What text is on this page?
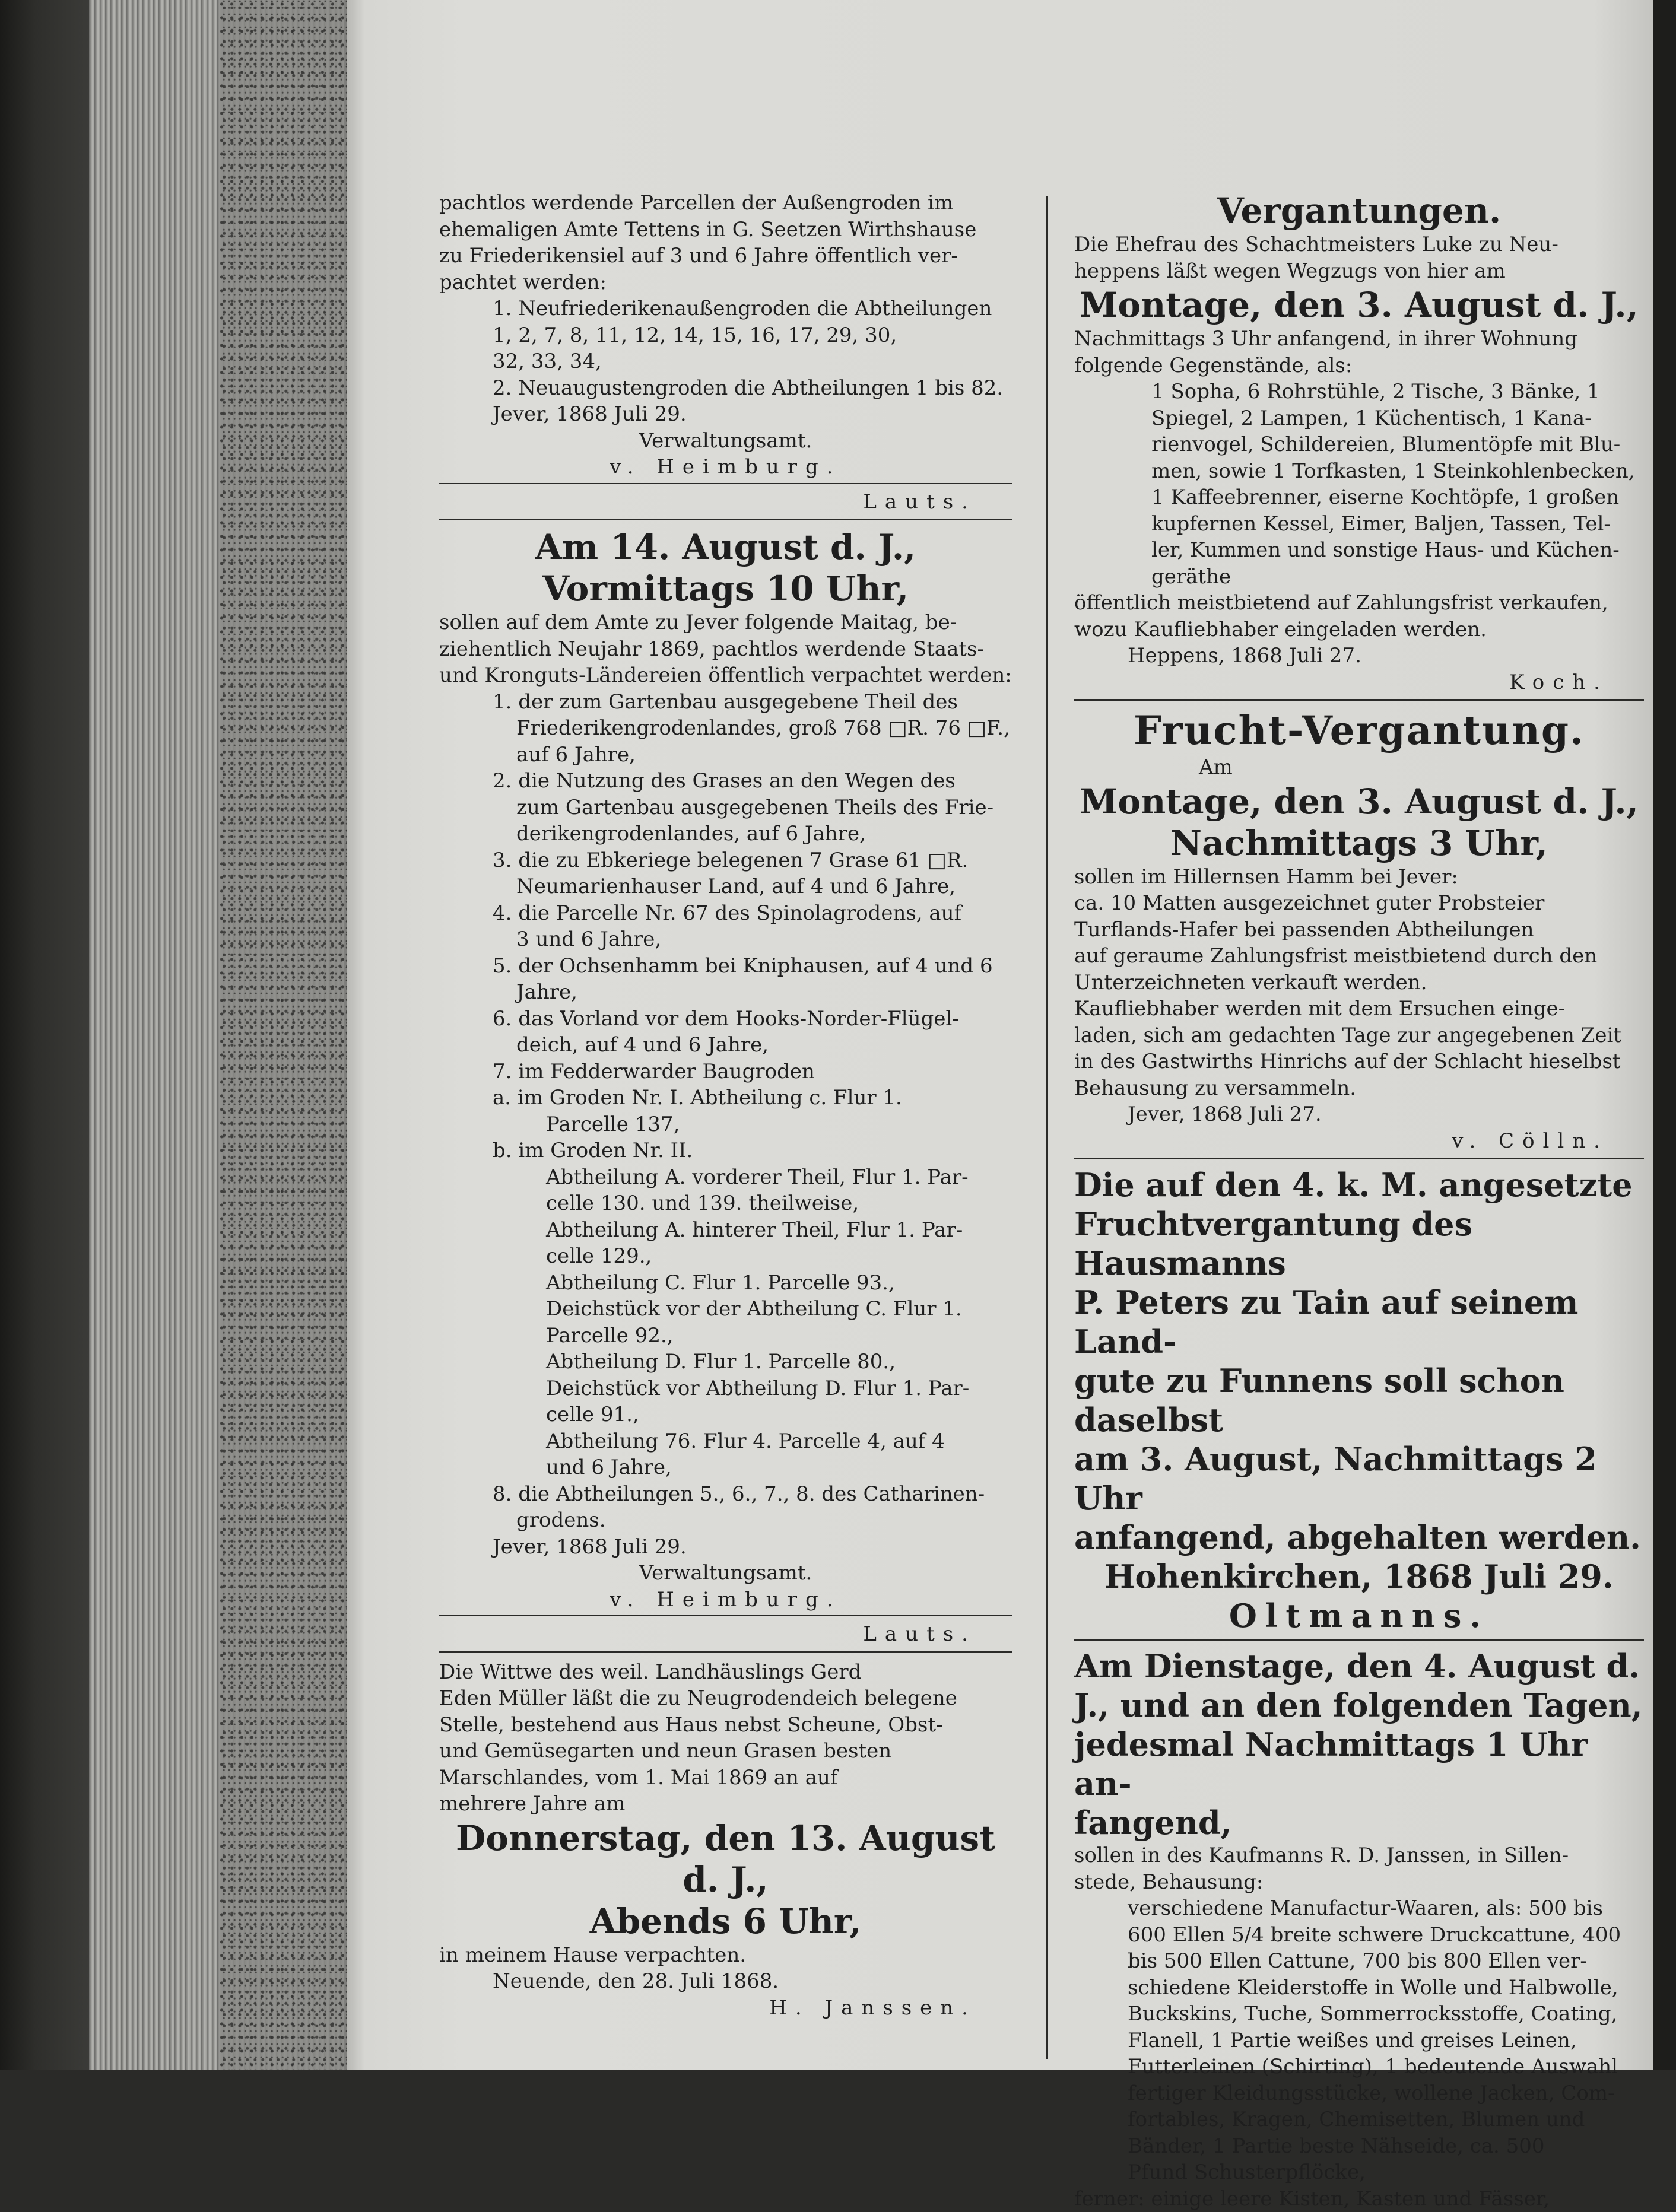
pachtlos werdende Parcellen der Außengroden im
ehemaligen Amte Tettens in G. Seetzen Wirthshause
zu Friederikensiel auf 3 und 6 Jahre öffentlich ver-
pachtet werden:
1. Neufriederikenaußengroden die Abtheilungen
1, 2, 7, 8, 11, 12, 14, 15, 16, 17, 29, 30,
32, 33, 34,
2. Neuaugustengroden die Abtheilungen 1 bis 82.
Jever, 1868 Juli 29.
Verwaltungsamt.
v. Heimburg.
Lauts.
Am 14. August d. J.,
Vormittags 10 Uhr,
sollen auf dem Amte zu Jever folgende Maitag, be-
ziehentlich Neujahr 1869, pachtlos werdende Staats-
und Kronguts-Ländereien öffentlich verpachtet werden:
1. der zum Gartenbau ausgegebene Theil des
Friederikengrodenlandes, groß 768 □R. 76 □F.,
auf 6 Jahre,
2. die Nutzung des Grases an den Wegen des
zum Gartenbau ausgegebenen Theils des Frie-
derikengrodenlandes, auf 6 Jahre,
3. die zu Ebkeriege belegenen 7 Grase 61 □R.
Neumarienhauser Land, auf 4 und 6 Jahre,
4. die Parcelle Nr. 67 des Spinolagrodens, auf
3 und 6 Jahre,
5. der Ochsenhamm bei Kniphausen, auf 4 und 6
Jahre,
6. das Vorland vor dem Hooks-Norder-Flügel-
deich, auf 4 und 6 Jahre,
7. im Fedderwarder Baugroden
a. im Groden Nr. I. Abtheilung c. Flur 1.
Parcelle 137,
b. im Groden Nr. II.
Abtheilung A. vorderer Theil, Flur 1. Par-
celle 130. und 139. theilweise,
Abtheilung A. hinterer Theil, Flur 1. Par-
celle 129.,
Abtheilung C. Flur 1. Parcelle 93.,
Deichstück vor der Abtheilung C. Flur 1.
Parcelle 92.,
Abtheilung D. Flur 1. Parcelle 80.,
Deichstück vor Abtheilung D. Flur 1. Par-
celle 91.,
Abtheilung 76. Flur 4. Parcelle 4, auf 4
und 6 Jahre,
8. die Abtheilungen 5., 6., 7., 8. des Catharinen-
grodens.
Jever, 1868 Juli 29.
Verwaltungsamt.
v. Heimburg.
Lauts.
Die Wittwe des weil. Landhäuslings Gerd
Eden Müller läßt die zu Neugrodendeich belegene
Stelle, bestehend aus Haus nebst Scheune, Obst-
und Gemüsegarten und neun Grasen besten
Marschlandes, vom 1. Mai 1869 an auf
mehrere Jahre am
Donnerstag, den 13. August d. J.,
Abends 6 Uhr,
in meinem Hause verpachten.
Neuende, den 28. Juli 1868.
H. Janssen.
Vergantungen.
Die Ehefrau des Schachtmeisters Luke zu Neu-
heppens läßt wegen Wegzugs von hier am
Montage, den 3. August d. J.,
Nachmittags 3 Uhr anfangend, in ihrer Wohnung
folgende Gegenstände, als:
1 Sopha, 6 Rohrstühle, 2 Tische, 3 Bänke, 1
Spiegel, 2 Lampen, 1 Küchentisch, 1 Kana-
rienvogel, Schildereien, Blumentöpfe mit Blu-
men, sowie 1 Torfkasten, 1 Steinkohlenbecken,
1 Kaffeebrenner, eiserne Kochtöpfe, 1 großen
kupfernen Kessel, Eimer, Baljen, Tassen, Tel-
ler, Kummen und sonstige Haus- und Küchen-
geräthe
öffentlich meistbietend auf Zahlungsfrist verkaufen,
wozu Kaufliebhaber eingeladen werden.
Heppens, 1868 Juli 27.
Koch.
Frucht-Vergantung.
Am
Montage, den 3. August d. J.,
Nachmittags 3 Uhr,
sollen im Hillernsen Hamm bei Jever:
ca. 10 Matten ausgezeichnet guter Probsteier
Turflands-Hafer bei passenden Abtheilungen
auf geraume Zahlungsfrist meistbietend durch den
Unterzeichneten verkauft werden.
Kaufliebhaber werden mit dem Ersuchen einge-
laden, sich am gedachten Tage zur angegebenen Zeit
in des Gastwirths Hinrichs auf der Schlacht hieselbst
Behausung zu versammeln.
Jever, 1868 Juli 27.
v. Cölln.
Die auf den 4. k. M. angesetzte
Fruchtvergantung des Hausmanns
P. Peters zu Tain auf seinem Land-
gute zu Funnens soll schon daselbst
am 3. August, Nachmittags 2 Uhr
anfangend, abgehalten werden.
Hohenkirchen, 1868 Juli 29.
Oltmanns.
Am Dienstage, den 4. August d.
J., und an den folgenden Tagen,
jedesmal Nachmittags 1 Uhr an-
fangend,
sollen in des Kaufmanns R. D. Janssen, in Sillen-
stede, Behausung:
verschiedene Manufactur-Waaren, als: 500 bis
600 Ellen 5/4 breite schwere Druckcattune, 400
bis 500 Ellen Cattune, 700 bis 800 Ellen ver-
schiedene Kleiderstoffe in Wolle und Halbwolle,
Buckskins, Tuche, Sommerrocksstoffe, Coating,
Flanell, 1 Partie weißes und greises Leinen,
Futterleinen (Schirting), 1 bedeutende Auswahl
fertiger Kleidungsstücke, wollene Jacken, Com-
fortables, Kragen, Chemisetten, Blumen und
Bänder, 1 Partie beste Nähseide, ca. 500
Pfund Schusterpflöcke,
ferner: einige leere Kisten, Kasten und Fässer,
